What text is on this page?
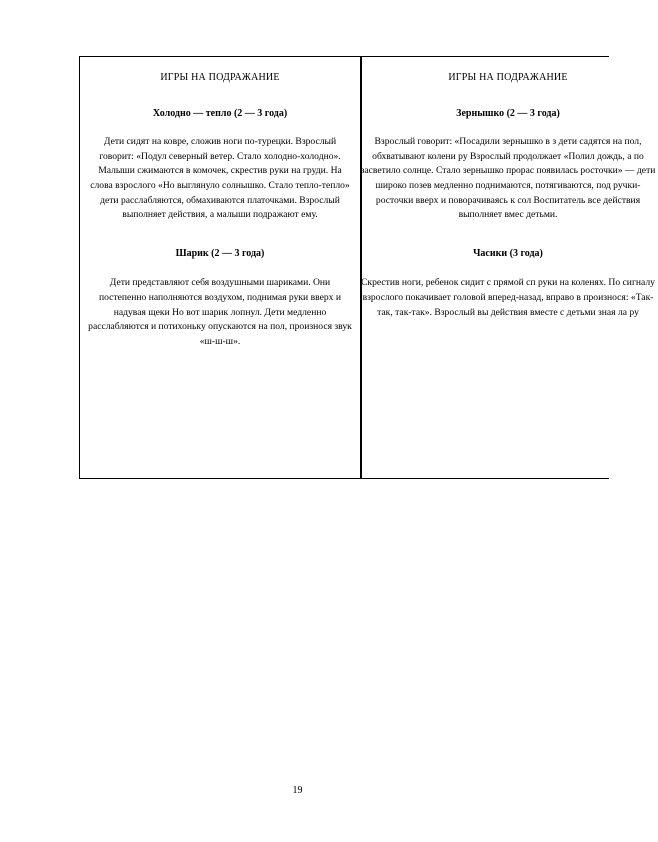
ИГРЫ НА ПОДРАЖАНИЕ
Холодно — тепло (2 — 3 года)
Дети сидят на ковре, сложив ноги по-турецки. Взрослый говорит: «Подул северный ветер. Стало холодно-холодно». Малыши сжимаются в комочек, скрестив руки на груди. На слова взрослого «Но выглянуло солнышко. Стало тепло-тепло» дети расслабляются, обмахиваются платочками. Взрослый выполняет действия, а малыши подражают ему.
Шарик (2 — 3 года)
Дети представляют себя воздушными шариками. Они постепенно наполняются воздухом, поднимая руки вверх и надувая щеки Но вот шарик лопнул. Дети медленно расслабляются и потихоньку опускаются на пол, произнося звук «ш-ш-ш».
ИГРЫ НА ПОДРАЖАНИЕ
Зернышко (2 — 3 года)
Взрослый говорит: «Посадили зернышко в з дети садятся на пол, обхватывают колени ру Взрослый продолжает «Полил дождь, а по засветило солнце. Стало зернышко прорас появилась росточки» — дети широко позев медленно поднимаются, потягиваются, под ручки-росточки вверх и поворачиваясь к сол Воспитатель все действия выполняет вмес детьми.
Часики (3 года)
Скрестив ноги, ребенок сидит с прямой сп руки на коленях. По сигналу взрослого покачивает головой вперед-назад, вправо в произнося: «Так-так, так-так». Взрослый вы действия вместе с детьми зная ла ру
19
